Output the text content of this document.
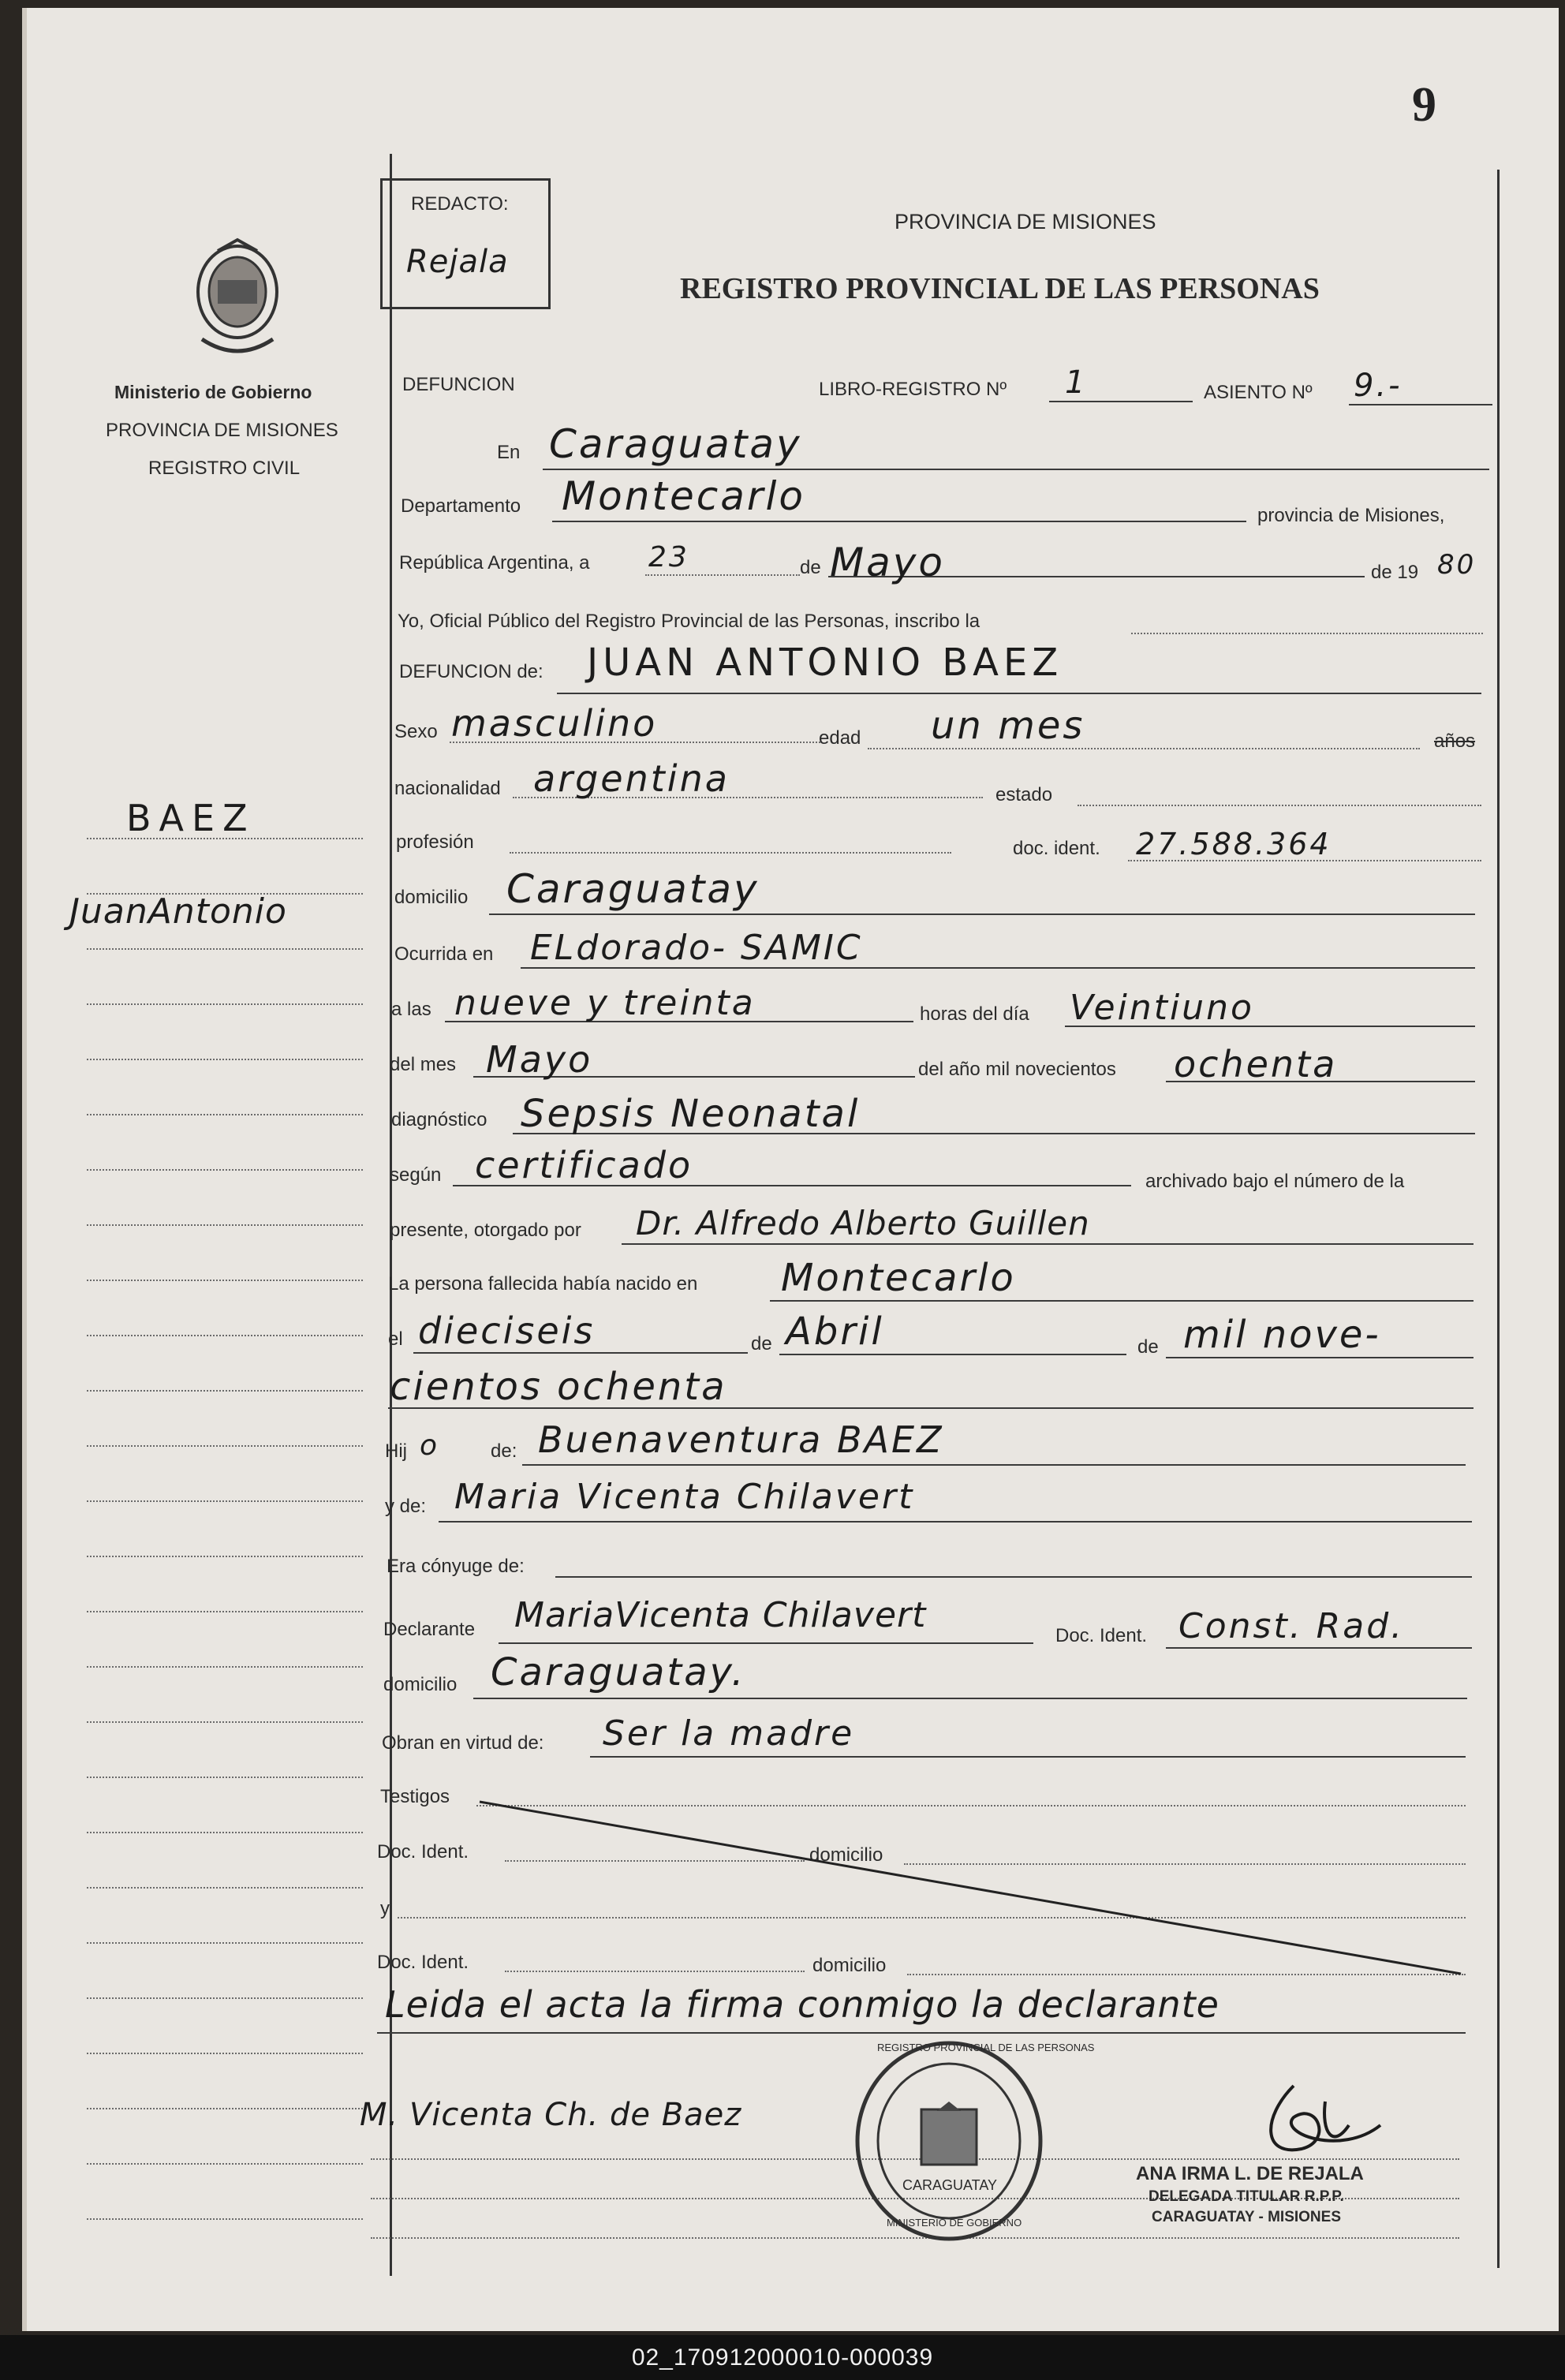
9
Ministerio de Gobierno
PROVINCIA DE MISIONES
REGISTRO CIVIL
BAEZ
JuanAntonio
REDACTO:
Rejala
PROVINCIA DE MISIONES
REGISTRO PROVINCIAL DE LAS PERSONAS
DEFUNCION	LIBRO-REGISTRO Nº 1	ASIENTO Nº 9.-
En Caraguatay
Departamento Montecarlo	provincia de Misiones,
República Argentina, a 23	de Mayo	de 19 80
Yo, Oficial Público del Registro Provincial de las Personas, inscribo la
DEFUNCION de: JUAN ANTONIO BAEZ
Sexo masculino	edad un mes	años
nacionalidad argentina	estado
profesión	doc. ident. 27.588.364
domicilio Caraguatay
Ocurrida en ELdorado- SAMIC
a las nueve y treinta	horas del día Veintiuno
del mes Mayo	del año mil novecientos ochenta
diagnóstico Sepsis Neonatal
según certificado	archivado bajo el número de la
presente, otorgado por Dr. Alfredo Alberto Guillen
La persona fallecida había nacido en Montecarlo
el dieciseis	de Abril	de mil nove-
cientos ochenta
Hij o	de: Buenaventura BAEZ
y de: Maria Vicenta Chilavert
Era cónyuge de:
Declarante MariaVicenta Chilavert
Doc. Ident. Const. Rad.
domicilio Caraguatay.
Obran en virtud de: Ser la madre
Testigos
Doc. Ident.	domicilio
y
Doc. Ident.	domicilio
Leida el acta la firma conmigo la declarante
M. Vicenta Ch. de Baez
REGISTRO PROVINCIAL DE LAS PERSONAS
CARAGUATAY
MINISTERIO DE GOBIERNO
ANA IRMA L. DE REJALA
DELEGADA TITULAR R.P.P.
CARAGUATAY - MISIONES
02_170912000010-000039
